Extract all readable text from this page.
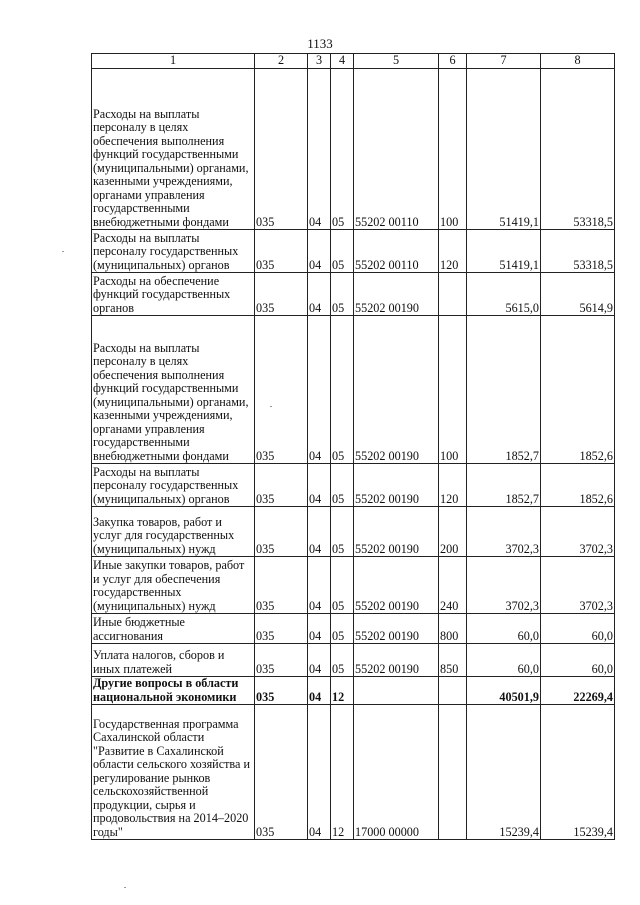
1133
1	2	3	4	5	6	7	8
Расходы на выплаты персоналу в целях обеспечения выполнения функций государственными (муниципальными) органами, казенными учреждениями, органами управления государственными внебюджетными фондами	035	04	05	55202 00110	100	51419,1	53318,5
Расходы на выплаты персоналу государственных (муниципальных) органов	035	04	05	55202 00110	120	51419,1	53318,5
Расходы на обеспечение функций государственных органов	035	04	05	55202 00190		5615,0	5614,9
Расходы на выплаты персоналу в целях обеспечения выполнения функций государственными (муниципальными) органами, казенными учреждениями, органами управления государственными внебюджетными фондами	035	04	05	55202 00190	100	1852,7	1852,6
Расходы на выплаты персоналу государственных (муниципальных) органов	035	04	05	55202 00190	120	1852,7	1852,6
Закупка товаров, работ и услуг для государственных (муниципальных) нужд	035	04	05	55202 00190	200	3702,3	3702,3
Иные закупки товаров, работ и услуг для обеспечения государственных (муниципальных) нужд	035	04	05	55202 00190	240	3702,3	3702,3
Иные бюджетные ассигнования	035	04	05	55202 00190	800	60,0	60,0
Уплата налогов, сборов и иных платежей	035	04	05	55202 00190	850	60,0	60,0
Другие вопросы в области национальной экономики	035	04	12			40501,9	22269,4
Государственная программа Сахалинской области "Развитие в Сахалинской области сельского хозяйства и регулирование рынков сельскохозяйственной продукции, сырья и продовольствия на 2014–2020 годы"	035	04	12	17000 00000		15239,4	15239,4
